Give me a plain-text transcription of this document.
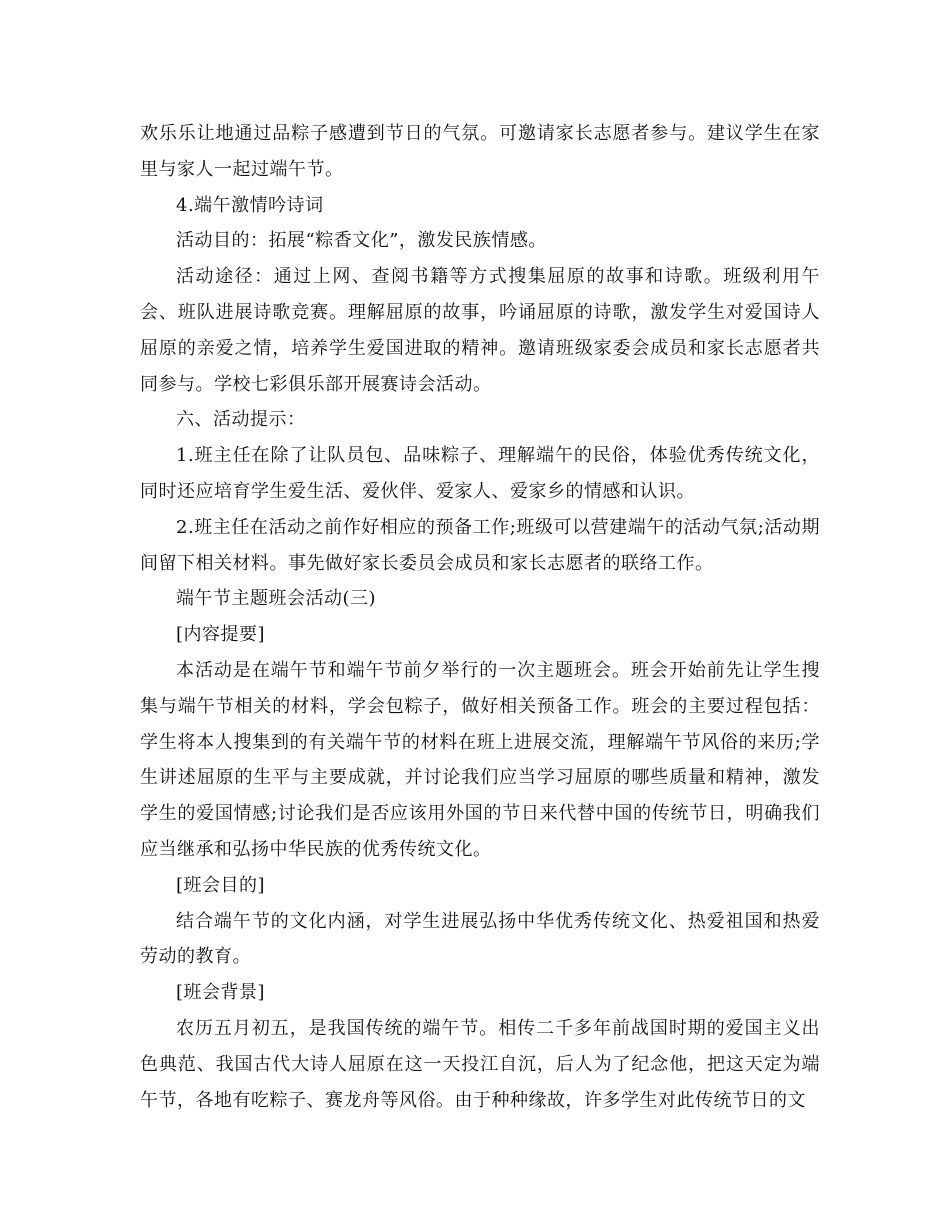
欢乐乐让地通过品粽子感遭到节日的气氛。可邀请家长志愿者参与。建议学生在家里与家人一起过端午节。

4.端午激情吟诗词

活动目的：拓展“粽香文化”，激发民族情感。

活动途径：通过上网、查阅书籍等方式搜集屈原的故事和诗歌。班级利用午会、班队进展诗歌竞赛。理解屈原的故事，吟诵屈原的诗歌，激发学生对爱国诗人屈原的亲爱之情，培养学生爱国进取的精神。邀请班级家委会成员和家长志愿者共同参与。学校七彩俱乐部开展赛诗会活动。

六、活动提示：

1.班主任在除了让队员包、品味粽子、理解端午的民俗，体验优秀传统文化，同时还应培育学生爱生活、爱伙伴、爱家人、爱家乡的情感和认识。

2.班主任在活动之前作好相应的预备工作;班级可以营建端午的活动气氛;活动期间留下相关材料。事先做好家长委员会成员和家长志愿者的联络工作。

端午节主题班会活动(三)

[内容提要]

本活动是在端午节和端午节前夕举行的一次主题班会。班会开始前先让学生搜集与端午节相关的材料，学会包粽子，做好相关预备工作。班会的主要过程包括：学生将本人搜集到的有关端午节的材料在班上进展交流，理解端午节风俗的来历;学生讲述屈原的生平与主要成就，并讨论我们应当学习屈原的哪些质量和精神，激发学生的爱国情感;讨论我们是否应该用外国的节日来代替中国的传统节日，明确我们应当继承和弘扬中华民族的优秀传统文化。

[班会目的]

结合端午节的文化内涵，对学生进展弘扬中华优秀传统文化、热爱祖国和热爱劳动的教育。

[班会背景]

农历五月初五，是我国传统的端午节。相传二千多年前战国时期的爱国主义出色典范、我国古代大诗人屈原在这一天投江自沉，后人为了纪念他，把这天定为端午节，各地有吃粽子、赛龙舟等风俗。由于种种缘故，许多学生对此传统节日的文
